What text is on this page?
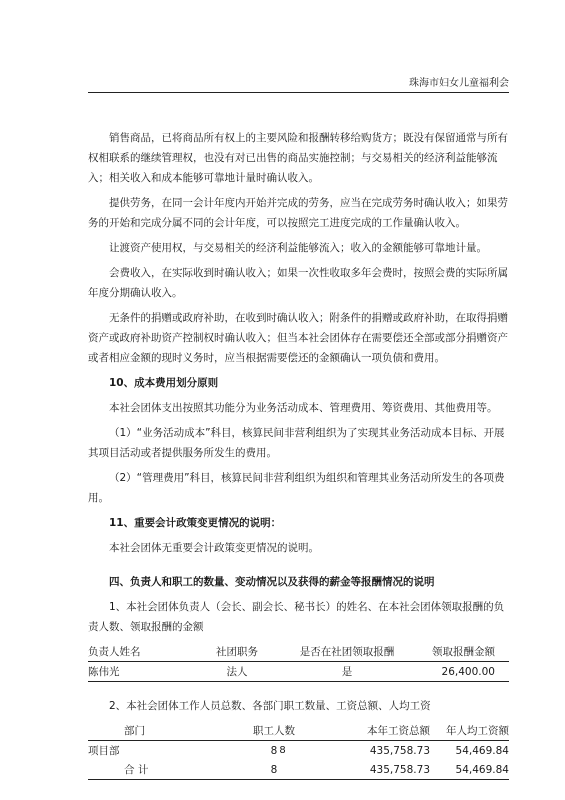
珠海市妇女儿童福利会

销售商品，已将商品所有权上的主要风险和报酬转移给购货方；既没有保留通常与所有权相联系的继续管理权，也没有对已出售的商品实施控制；与交易相关的经济利益能够流入；相关收入和成本能够可靠地计量时确认收入。

提供劳务，在同一会计年度内开始并完成的劳务，应当在完成劳务时确认收入；如果劳务的开始和完成分属不同的会计年度，可以按照完工进度完成的工作量确认收入。

让渡资产使用权，与交易相关的经济利益能够流入；收入的金额能够可靠地计量。

会费收入，在实际收到时确认收入；如果一次性收取多年会费时，按照会费的实际所属年度分期确认收入。

无条件的捐赠或政府补助，在收到时确认收入；附条件的捐赠或政府补助，在取得捐赠资产或政府补助资产控制权时确认收入；但当本社会团体存在需要偿还全部或部分捐赠资产或者相应金额的现时义务时，应当根据需要偿还的金额确认一项负债和费用。

10、成本费用划分原则

本社会团体支出按照其功能分为业务活动成本、管理费用、筹资费用、其他费用等。

（1）“业务活动成本”科目，核算民间非营利组织为了实现其业务活动成本目标、开展其项目活动或者提供服务所发生的费用。

（2）“管理费用”科目，核算民间非营利组织为组织和管理其业务活动所发生的各项费用。

11、重要会计政策变更情况的说明：

本社会团体无重要会计政策变更情况的说明。

四、负责人和职工的数量、变动情况以及获得的薪金等报酬情况的说明

1、本社会团体负责人（会长、副会长、秘书长）的姓名、在本社会团体领取报酬的负责人数、领取报酬的金额

负责人姓名	社团职务	是否在社团领取报酬	领取报酬金额
陈伟光	法人	是	26,400.00

2、本社会团体工作人员总数、各部门职工数量、工资总额、人均工资

部门	职工人数	本年工资总额	年人均工资额
项目部	8	435,758.73	54,469.84
合 计	8	435,758.73	54,469.84
8
